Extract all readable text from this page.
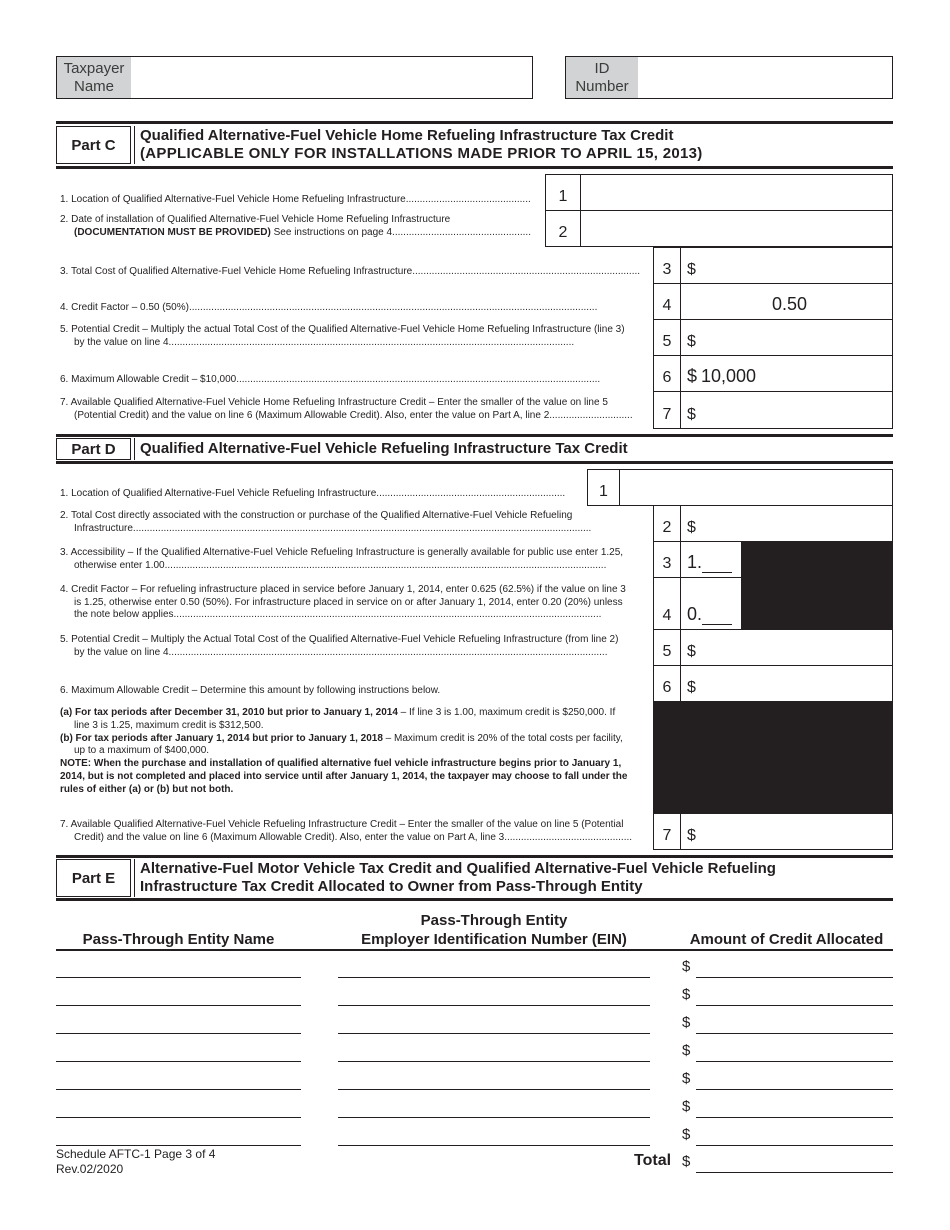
Taxpayer
Name
ID
Number
Part C
Qualified Alternative-Fuel Vehicle Home Refueling Infrastructure Tax Credit
(APPLICABLE ONLY FOR INSTALLATIONS MADE PRIOR TO APRIL 15, 2013)
1. Location of Qualified Alternative-Fuel Vehicle Home Refueling Infrastructure.............................................	1
2. Date of installation of Qualified Alternative-Fuel Vehicle Home Refueling Infrastructure
(DOCUMENTATION MUST BE PROVIDED) See instructions on page 4..................................................	2
3. Total Cost of Qualified Alternative-Fuel Vehicle Home Refueling Infrastructure..................................................................................	3 $
4. Credit Factor – 0.50 (50%)...................................................................................................................................................	4	0.50
5. Potential Credit – Multiply the actual Total Cost of the Qualified Alternative-Fuel Vehicle Home Refueling Infrastructure (line 3)
by the value on line 4..................................................................................................................................................	5 $
6. Maximum Allowable Credit – $10,000...................................................................................................................................	6 $ 10,000
7. Available Qualified Alternative-Fuel Vehicle Home Refueling Infrastructure Credit – Enter the smaller of the value on line 5
(Potential Credit) and the value on line 6 (Maximum Allowable Credit). Also, enter the value on Part A, line 2..............................	7 $
Part D	Qualified Alternative-Fuel Vehicle Refueling Infrastructure Tax Credit
1. Location of Qualified Alternative-Fuel Vehicle Refueling Infrastructure....................................................................	1
2. Total Cost directly associated with the construction or purchase of the Qualified Alternative-Fuel Vehicle Refueling
Infrastructure.....................................................................................................................................................................	2 $
3. Accessibility – If the Qualified Alternative-Fuel Vehicle Refueling Infrastructure is generally available for public use enter 1.25,
otherwise enter 1.00...............................................................................................................................................................	3 1.
4. Credit Factor – For refueling infrastructure placed in service before January 1, 2014, enter 0.625 (62.5%) if the value on line 3
is 1.25, otherwise enter 0.50 (50%). For infrastructure placed in service on or after January 1, 2014, enter 0.20 (20%) unless
the note below applies..........................................................................................................................................................	4 0.
5. Potential Credit – Multiply the Actual Total Cost of the Qualified Alternative-Fuel Vehicle Refueling Infrastructure (from line 2)
by the value on line 4..............................................................................................................................................................	5 $
6. Maximum Allowable Credit – Determine this amount by following instructions below.	6 $
(a) For tax periods after December 31, 2010 but prior to January 1, 2014 – If line 3 is 1.00, maximum credit is $250,000. If
line 3 is 1.25, maximum credit is $312,500.
(b) For tax periods after January 1, 2014 but prior to January 1, 2018 – Maximum credit is 20% of the total costs per facility,
up to a maximum of $400,000.
NOTE: When the purchase and installation of qualified alternative fuel vehicle infrastructure begins prior to January 1,
2014, but is not completed and placed into service until after January 1, 2014, the taxpayer may choose to fall under the
rules of either (a) or (b) but not both.
7. Available Qualified Alternative-Fuel Vehicle Refueling Infrastructure Credit – Enter the smaller of the value on line 5 (Potential
Credit) and the value on line 6 (Maximum Allowable Credit). Also, enter the value on Part A, line 3..............................................	7 $
Part E
Alternative-Fuel Motor Vehicle Tax Credit and Qualified Alternative-Fuel Vehicle Refueling
Infrastructure Tax Credit Allocated to Owner from Pass-Through Entity
Pass-Through Entity Name
Pass-Through Entity
Employer Identification Number (EIN)	Amount of Credit Allocated
$
$
$
$
$
$
$
Total $
Schedule AFTC-1 Page 3 of 4
Rev.02/2020
